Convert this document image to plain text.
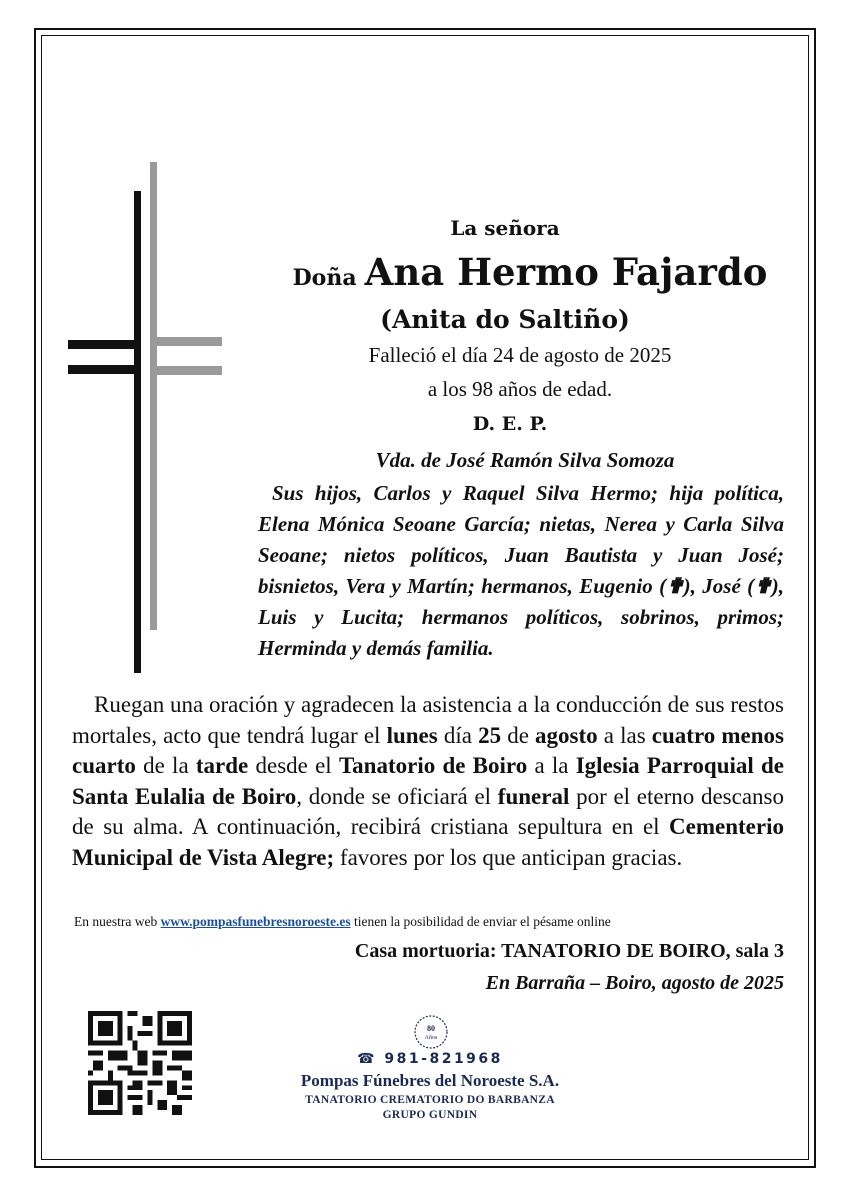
La señora
Doña Ana Hermo Fajardo
(Anita do Saltiño)
Falleció el día 24 de agosto de 2025
a los 98 años de edad.
D. E. P.
Vda. de José Ramón Silva Somoza
Sus hijos, Carlos y Raquel Silva Hermo; hija política, Elena Mónica Seoane García; nietas, Nerea y Carla Silva Seoane; nietos políticos, Juan Bautista y Juan José; bisnietos, Vera y Martín; hermanos, Eugenio (✟), José (✟), Luis y Lucita; hermanos políticos, sobrinos, primos; Herminda y demás familia.

Ruegan una oración y agradecen la asistencia a la conducción de sus restos mortales, acto que tendrá lugar el lunes día 25 de agosto a las cuatro menos cuarto de la tarde desde el Tanatorio de Boiro a la Iglesia Parroquial de Santa Eulalia de Boiro, donde se oficiará el funeral por el eterno descanso de su alma. A continuación, recibirá cristiana sepultura en el Cementerio Municipal de Vista Alegre; favores por los que anticipan gracias.

En nuestra web www.pompasfunebresnoroeste.es tienen la posibilidad de enviar el pésame online
Casa mortuoria: TANATORIO DE BOIRO, sala 3
En Barraña – Boiro, agosto de 2025
80
Años
☎ 981-821968
Pompas Fúnebres del Noroeste S.A.
TANATORIO CREMATORIO DO BARBANZA
GRUPO GUNDIN
